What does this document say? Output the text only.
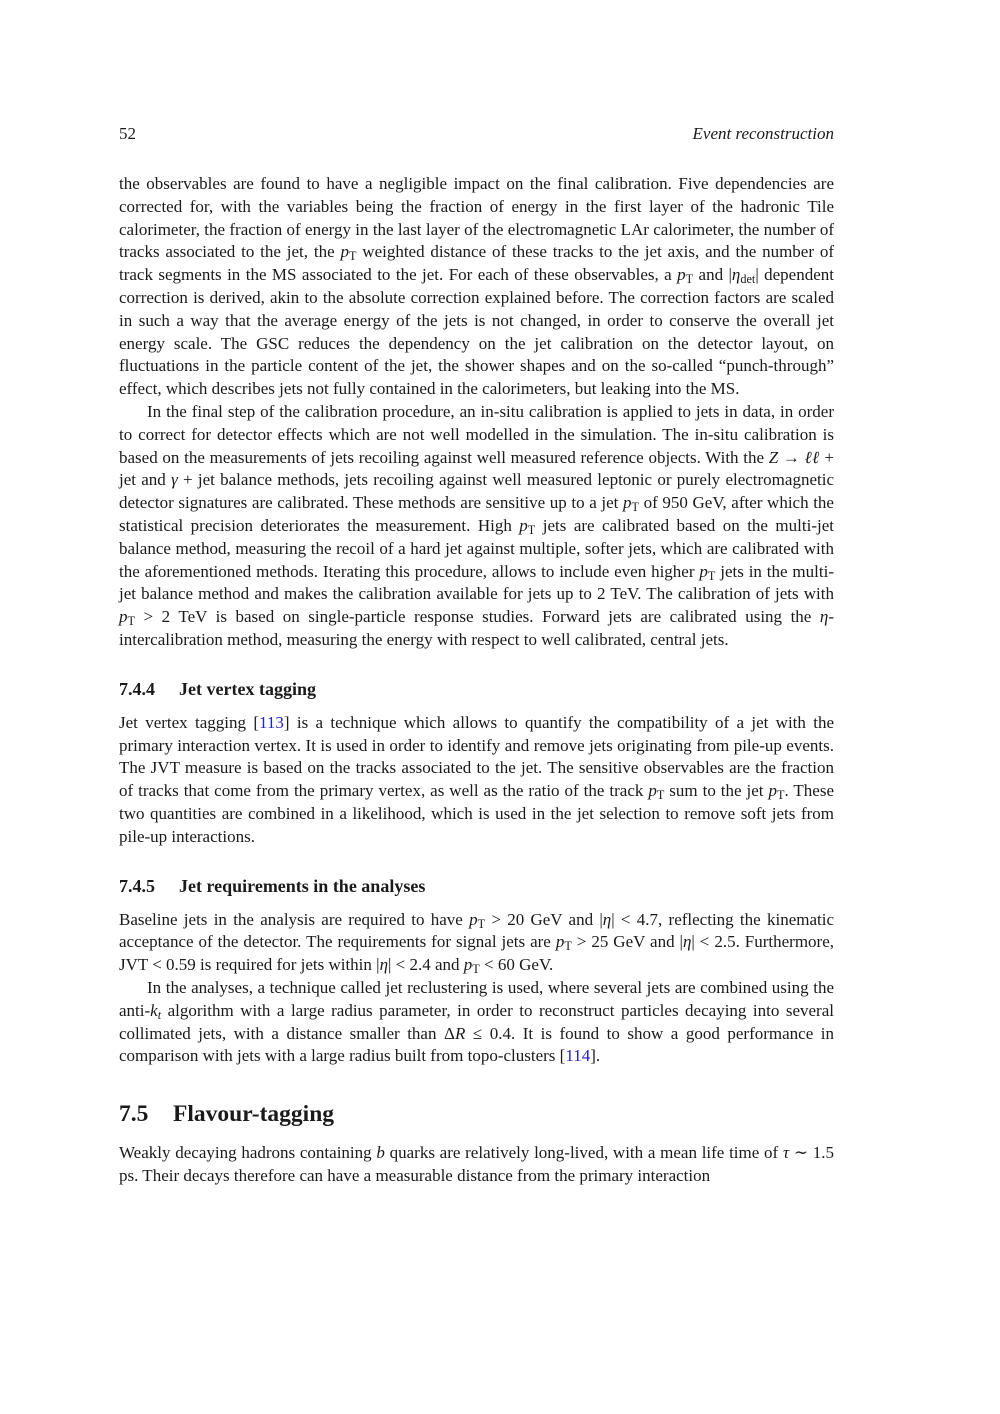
52	Event reconstruction

the observables are found to have a negligible impact on the final calibration. Five dependencies are corrected for, with the variables being the fraction of energy in the first layer of the hadronic Tile calorimeter, the fraction of energy in the last layer of the electromagnetic LAr calorimeter, the number of tracks associated to the jet, the $p_T$ weighted distance of these tracks to the jet axis, and the number of track segments in the MS associated to the jet. For each of these observables, a $p_T$ and $|\eta_{det}|$ dependent correction is derived, akin to the absolute correction explained before. The correction factors are scaled in such a way that the average energy of the jets is not changed, in order to conserve the overall jet energy scale. The GSC reduces the dependency on the jet calibration on the detector layout, on fluctuations in the particle content of the jet, the shower shapes and on the so-called “punch-through” effect, which describes jets not fully contained in the calorimeters, but leaking into the MS.

In the final step of the calibration procedure, an in-situ calibration is applied to jets in data, in order to correct for detector effects which are not well modelled in the simulation. The in-situ calibration is based on the measurements of jets recoiling against well measured reference objects. With the Z → ℓℓ + jet and γ + jet balance methods, jets recoiling against well measured leptonic or purely electromagnetic detector signatures are calibrated. These methods are sensitive up to a jet $p_T$ of 950 GeV, after which the statistical precision deteriorates the measurement. High $p_T$ jets are calibrated based on the multi-jet balance method, measuring the recoil of a hard jet against multiple, softer jets, which are calibrated with the aforementioned methods. Iterating this procedure, allows to include even higher $p_T$ jets in the multi-jet balance method and makes the calibration available for jets up to 2 TeV. The calibration of jets with $p_T > 2$ TeV is based on single-particle response studies. Forward jets are calibrated using the η-intercalibration method, measuring the energy with respect to well calibrated, central jets.

7.4.4 Jet vertex tagging

Jet vertex tagging [113] is a technique which allows to quantify the compatibility of a jet with the primary interaction vertex. It is used in order to identify and remove jets originating from pile-up events. The JVT measure is based on the tracks associated to the jet. The sensitive observables are the fraction of tracks that come from the primary vertex, as well as the ratio of the track $p_T$ sum to the jet $p_T$. These two quantities are combined in a likelihood, which is used in the jet selection to remove soft jets from pile-up interactions.

7.4.5 Jet requirements in the analyses

Baseline jets in the analysis are required to have $p_T > 20$ GeV and |η| < 4.7, reflecting the kinematic acceptance of the detector. The requirements for signal jets are $p_T > 25$ GeV and |η| < 2.5. Furthermore, JVT < 0.59 is required for jets within |η| < 2.4 and $p_T < 60$ GeV.

In the analyses, a technique called jet reclustering is used, where several jets are combined using the anti-$k_t$ algorithm with a large radius parameter, in order to reconstruct particles decaying into several collimated jets, with a distance smaller than ΔR ≤ 0.4. It is found to show a good performance in comparison with jets with a large radius built from topo-clusters [114].

7.5 Flavour-tagging

Weakly decaying hadrons containing b quarks are relatively long-lived, with a mean life time of τ ∼ 1.5 ps. Their decays therefore can have a measurable distance from the primary interaction
